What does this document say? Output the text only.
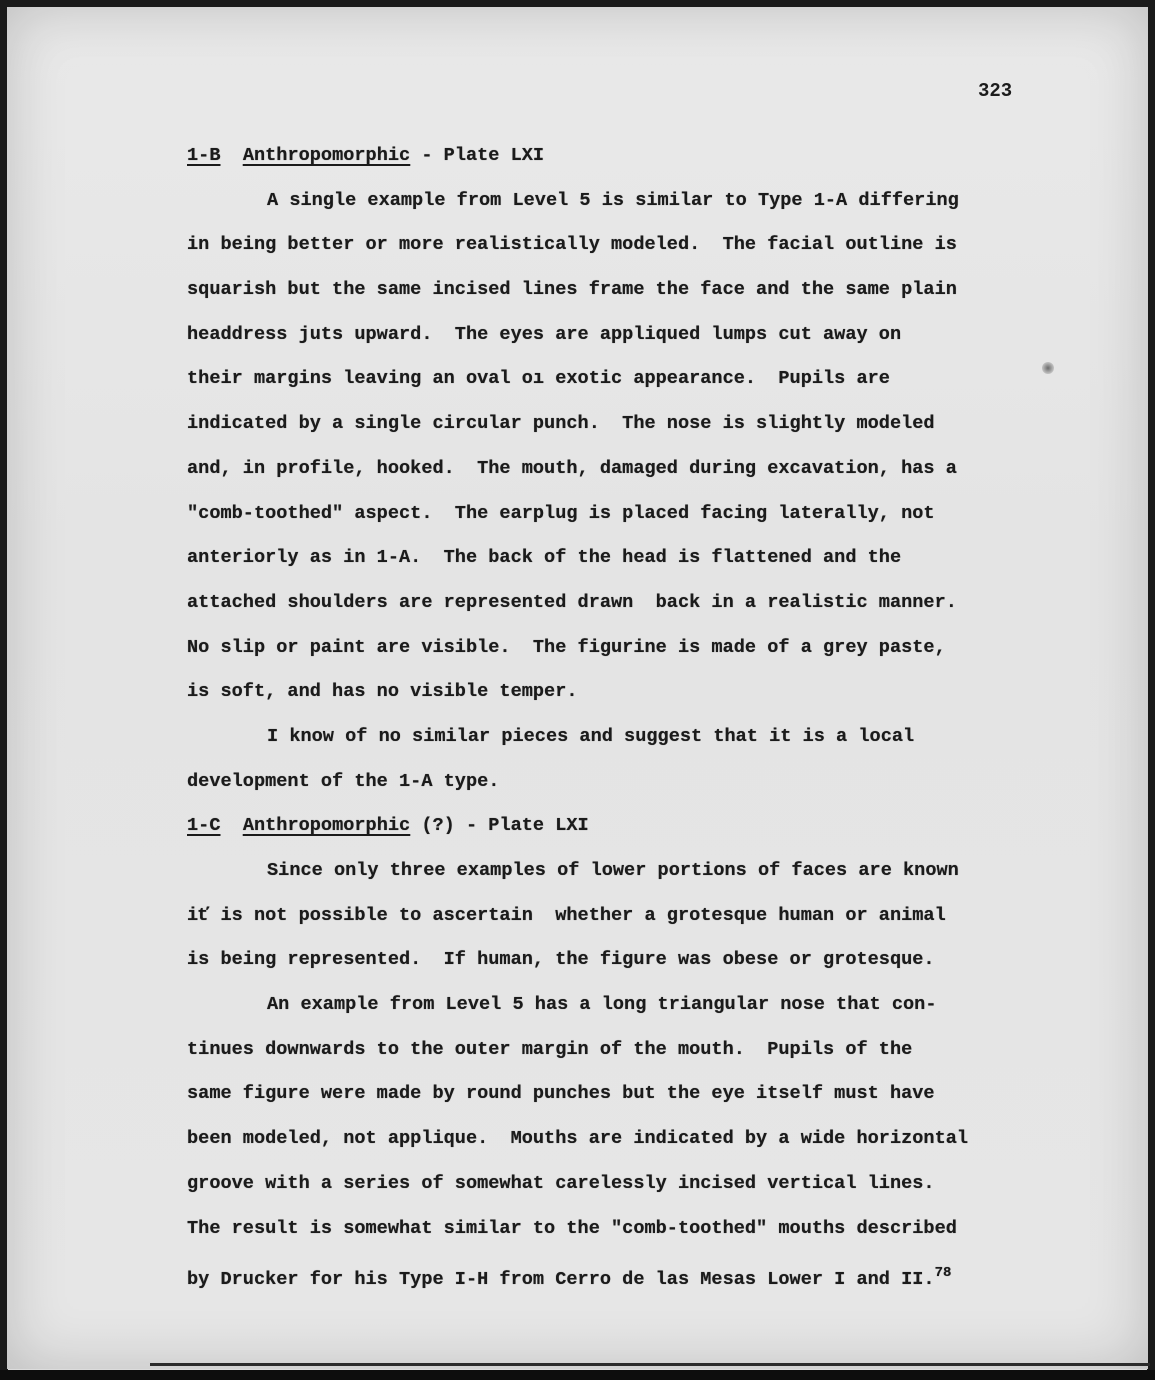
323
1-B Anthropomorphic - Plate LXI
A single example from Level 5 is similar to Type 1-A differing
in being better or more realistically modeled.  The facial outline is
squarish but the same incised lines frame the face and the same plain
headdress juts upward.  The eyes are appliqued lumps cut away on
their margins leaving an oval oı exotic appearance.  Pupils are
indicated by a single circular punch.  The nose is slightly modeled
and, in profile, hooked.  The mouth, damaged during excavation, has a
"comb-toothed" aspect.  The earplug is placed facing laterally, not
anteriorly as in 1-A.  The back of the head is flattened and the
attached shoulders are represented drawn  back in a realistic manner.
No slip or paint are visible.  The figurine is made of a grey paste,
is soft, and has no visible temper.
I know of no similar pieces and suggest that it is a local
development of the 1-A type.
1-C Anthropomorphic (?) - Plate LXI
Since only three examples of lower portions of faces are known
iť is not possible to ascertain  whether a grotesque human or animal
is being represented.  If human, the figure was obese or grotesque.
An example from Level 5 has a long triangular nose that con-
tinues downwards to the outer margin of the mouth.  Pupils of the
same figure were made by round punches but the eye itself must have
been modeled, not applique.  Mouths are indicated by a wide horizontal
groove with a series of somewhat carelessly incised vertical lines.
The result is somewhat similar to the "comb-toothed" mouths described
by Drucker for his Type I-H from Cerro de las Mesas Lower I and II.$^{78}$
